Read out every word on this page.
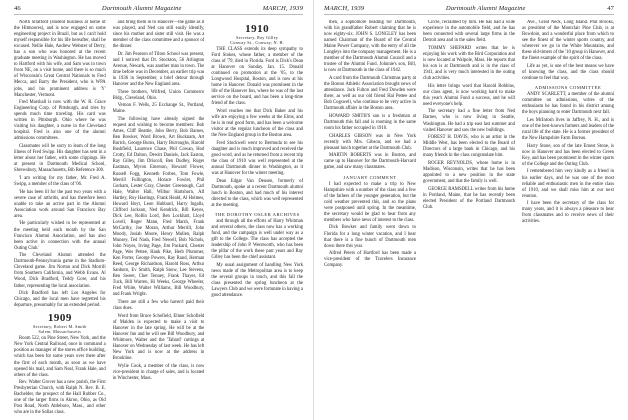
46	Dartmouth Alumni Magazine	MARCH, 1939

North Stratford (student business at home of the Hitmoores), and is now engaged on some engineering project in Brazil, but as I can't hold myself responsible for his life hereafter, shall be excused. Nellie Hale, Andrew Webster of Derry, has a son who was honored at the recent graduate meeting in Washington. He has moved to Hartford with his wife, and Sam was in town from NE, on a visit home, and there is so much of Wisconsin's Great Central Nationals to Fred Mecca, and Barry the President, who is WPA jobs, and his prominent address is 'Y' Manchester, Vermont.

Fred Marshall is now with the W. R. Grace Engineering Corp. of Pittsburgh, and tries by spends much time traveling. His card was written in Pittsburgh. Ohio where he was visiting his daughter, a nurse in the Cleveland hospital. Fred is also one of the alumni admissions committees.

Classmates will be sorry to learn of the long illness of Fred Swipp. His daughter has sent in a letter about her father, with some clippings. He at present in Dartmouth Medical School, Shrewsbury, Massachusetts, Bib Reference 300.

'I am writing for my father, Mr. Fred A. Swipp, a member of the class of '06.

'He has been ill for the past two years with a severe case of arthritis, and has therefore been unable to take an active part in the Alumni Association work around San Francisco Bay area.

'He particularly wished to be represented at the meeting held each month by the San Francisco Alumni Association, and has also been active in connection with the annual Outing Club.'

The Cleveland Alumni attended the Dartmouth-Pennsylvania game in the Stadium-Cleveland game. Jim Norton and Dick Morrill from Southern California, and Webb Evans. Al Wood, Dick Bradford, Teddy Gore, and his father, representing the local association.

Dick Bradford has left Los Angeles for Chicago, and the local men have regretted his departure, presumably for an extended period.

1909
Secretary, Robert M. Smith
Salem, Massachusetts

Room 522, on Pine Street, New York, and the New York Central Railroad, once in command a position as manager of the stores office building, which has been for some years over there after the first of each month, as soon as we have opened his mail, and Sam Neal, Frank Hale, and others of the class.

Rev. Walter Grover has a new parish, the First Presbyterian Church, with Ralph N. Rev. B. E. Bachelder, the prospect of the Hall Rubber Co., one of the larger firms in Akron, Ohio, as Old Post Road, North Attleboro, Mass., and other who are in the Sollas class.

and bring them in to Hanover—the game as it was played, and Ned can still easily identify, since his mother and sister still visit. He was a member of the class committee and a sponsor of the dinner.

Dr. Jim Pearson of Tilton School was present, and I noticed that Dr. Stockton, 56 Arlington Avenue, Newark, was another man in town. The time before was in December, an earlier trip was in 1936 in September, a brief detour through Hanover and the New England area.

Three brothers, Wilfred, Union Commerce Bldg., Cleveland, Ohio.

Vernon F. Wells, 25 Exchange St., Portland, Maine.

The following have already signed the request and wishing to become members: Bob Ames, Cliff Beattie, John Berry, Bob Barnes, Ben Bowker, Ward Brown, Art Bucknam, Art Burtch, George Burns, Harry Burroughs, Harold Bushfield, Laurence Chase, Phil Cowan, Hod Crotty, Ed Dalton, Dewitt Daniels, Jack Easton, Ray Gilley, Jim Driscoll, Ben Dudley, Roger Eastman, Myron Emerson, Howard Flower, Russell Fogg, Kenneth Forbes, Tom Fowle, Merrill Fullington, Horace Fowler, Phil Gorham, Lester Gray, Chester Greenough, Carl Hale, Walter Hall, Wilbur Hartshorn, Alf Hartley, Roy Hastings, Frank Heald, Al Holmes, Howard Hoyt, Leon Hubbard, Harry Ingalls, Clifford Jackson, Ned Kendrick, Bill Keyes, Dick Lee, Rollin Lord, Ben Lockhart, Lloyd Lovell, Roger Mann, Fred Marsh, Frank McCarthy, Joe Moran, Arthur Merrill, John Moody, Josiah Moore, Henry Mullen, Ralph Munsey, Ted Nash, Fred Newell, Bob Nichols, John Noyes, Irving Page, Jim Packard, Chester Page, Wes Pettee, Hank Pike, Herb Plummer, Ken Porter, George Powers, Ray Rand, Herman Reed, George Richardson, Harold Ross, Arthur Sanborn, Ev Smith, Ralph Snow, Lee Stevens, Ben Sweet, Chet Tenney, Frank Thayer, Ed Tuck, Bill Warren, Hi Weeks, George Wheeler, Fred White, Walter Williams, Bill Woodbury, and Frank Wright.

There are still a few who haven't paid their class dues.

Word from Bruce Schofield, Elmer Schofield of Malden is expected to make a visit to Hanover in the late spring. He will be at the Hanover Inn and he will see Bill Woodbury, and Whitmore, Walter and the 'Tabard' cuttings at Hanover on Wednesday of last week. He has left New York and is now at the address in Brookline.

Wylie Cook, a member of the class, is now vice-president in charge of sales, and is located in Winchester, Mass.

1910
Secretary, Ray Gilley
Conway St., Conway, N. H.

THE CLASS extends its deep sympathy to Ford Stokes, whose father, a member of the class of '79, died in Florida. Ford is Dick's Dean at Hanover on Sunday. Jan. 15. Donald continued on promotion at the '05, to the Longwood Hospital, Boston, and is now at his home in Hanover. Donald was prominent in the life of the Hanover Inn, where he was of the last service on the board, and has been a long-time friend of the class.

Word reaches me that Dick Baker and his wife are enjoying a few weeks at the Elms, and he is in real good form, and has been a welcome visitor at the regular luncheon of the class and the New England group in the Boston area.

Fred Stockwell went to Bermuda to see his daughter and is much improved and received the good word, and as he returned from a recent trip the class of 1910 was well represented at the annual Dartmouth dinner in Washington, as it was at Hanover for the winter meeting.

Dean Edgar Van Deusen, formerly of Dartmouth, spoke at a recent Dartmouth alumni lunch in Boston, and had much of his interest directed to the class, which was well represented at the meeting.

THE DOROTHY OSLER ARCHIVES

and through all the efforts of Harry Whitman and several others, the class now has a working fund, and the campaign is well under way as a gift to the College. The class has accepted the leadership of John P. Wentworth, who has been the pillar of the work these past years and Ray Gilley has been the chief assistant.

My usual assignment of handling New York news made of the Metropolitan area is to keep the several groups in touch, and this fall the class presented the spring luncheon at the Lawyers Club and we were fortunate in having a good attendance.

MARCH, 1939	Dartmouth Alumni Magazine	47

then, a sophomore heading for Dartmouth, with his grandfather Robert claiming that he is now eighty-six. JOHN S. LONGLEY has been named Chairman of the Board of the Central Maine Power Company, with the entry of all the Longleys into the company management. He is a member of the Dartmouth Alumni Council and a trustee of the Alumni Fund. Johnnie's son, Bill, is now at Dartmouth in the class of 1942.

A card from the Dartmouth Christmas party at the Boston Athletic Association brought news of attendance. Jack Fulton and Fred Dowden were there, as well as our old friend Hal Pettee and Bob Cogswell, who continue to be very active in Dartmouth affairs in the Boston area.

HOWARD SMITH'S son is a freshman at Dartmouth this fall and is rooming in the same room his father occupied in 1910.

CHARLES GIBSON was in New York recently with Mrs. Gibson, and we had a pleasant lunch together at the Dartmouth Club.

MARTIN ROBERTS was in Boston, and came up to Hanover for the Dartmouth-Harvard game, and saw many classmates.

JANUARY COMMENT

I had expected to make a trip to New Hampshire with a number of the class and a few of the fathers of the younger generation, but the cold weather prevented this, and so the plans were postponed until spring. In the meantime, the secretary would be glad to hear from any members who have news of interest to the class.

Dick Bowker and family went down to Florida for a long winter vacation, and I hear that there is a fine bunch of Dartmouth men down there this year.

Alfred Peters of Hartford has been made a vice-president of the Travelers Insurance Company.

Circle, reclaimed by him. He has had a wide experience in the automobile field, and he has been connected with several large firms in the Detroit area and in the sales field.

TOMMY SHEPARD writes that he is enjoying his work with the Bird Corporation and is now located at Walpole, Mass. He reports that his son is at Dartmouth and is in the class of 1941, and is very much interested in the outing club activities.

His letter brings word that Harold Robbins, our class agent, is now working hard to make this year's Alumni Fund a success, and he will need everyone's help.

The secretary had a fine letter from Ned Barnes, who is now living in Seattle, Washington. He had a trip east last summer and visited Hanover and saw the new buildings.

FOREST H. DAVIS, who is an artist in the Middle West, has been elected to the Board of Directors of a large bank in Chicago, and his many friends in the class congratulate him.

ROGER REYNOLDS, whose home is in Madison, Wisconsin, writes that he has been appointed to a new position in the state government, and that the family is well.

GEORGE RAMSDELL writes from his home in Portland, Maine, that he has recently been elected President of the Portland Dartmouth Club.

Ave., Great Neck, Long Island. Phil Brooks, as president of the Montclair Pine Club, is at Bowdoin, and a wonderful place from which to see the finest of the winter sports country, and wherever we go in the White Mountains, and these old-timers of the '10 group in Hanover, and the finest example of the spirit of the class.

Life as yet, is one of the best means we have of knowing the class, and the class should continue to feel that way.

ADMISSIONS COMMITTEE

ANDY SCARLETT, a member of the alumni committee on admissions, writes of the enthusiasm he has found in his district among the boys planning to enter Dartmouth next fall.

Les McIntosh lives in Jaffrey, N. H., and is one of the best-known farmers and leaders of the rural life of the state. He is a former president of the New Hampshire Farm Bureau.

Harry Stone, son of the late Ernest Stone, is now in Hanover and has been elected to Green Key, and has been prominent in the winter sports of the College and the Outing Club.

I remembered him very kindly as a friend in his earlier days, and he was one of the most reliable and enthusiastic men in the entire class of 1910, and we shall miss him at our next reunion.

I have been the secretary of the class for many years, and it is always a pleasure to hear from classmates and to receive news of their activities.
